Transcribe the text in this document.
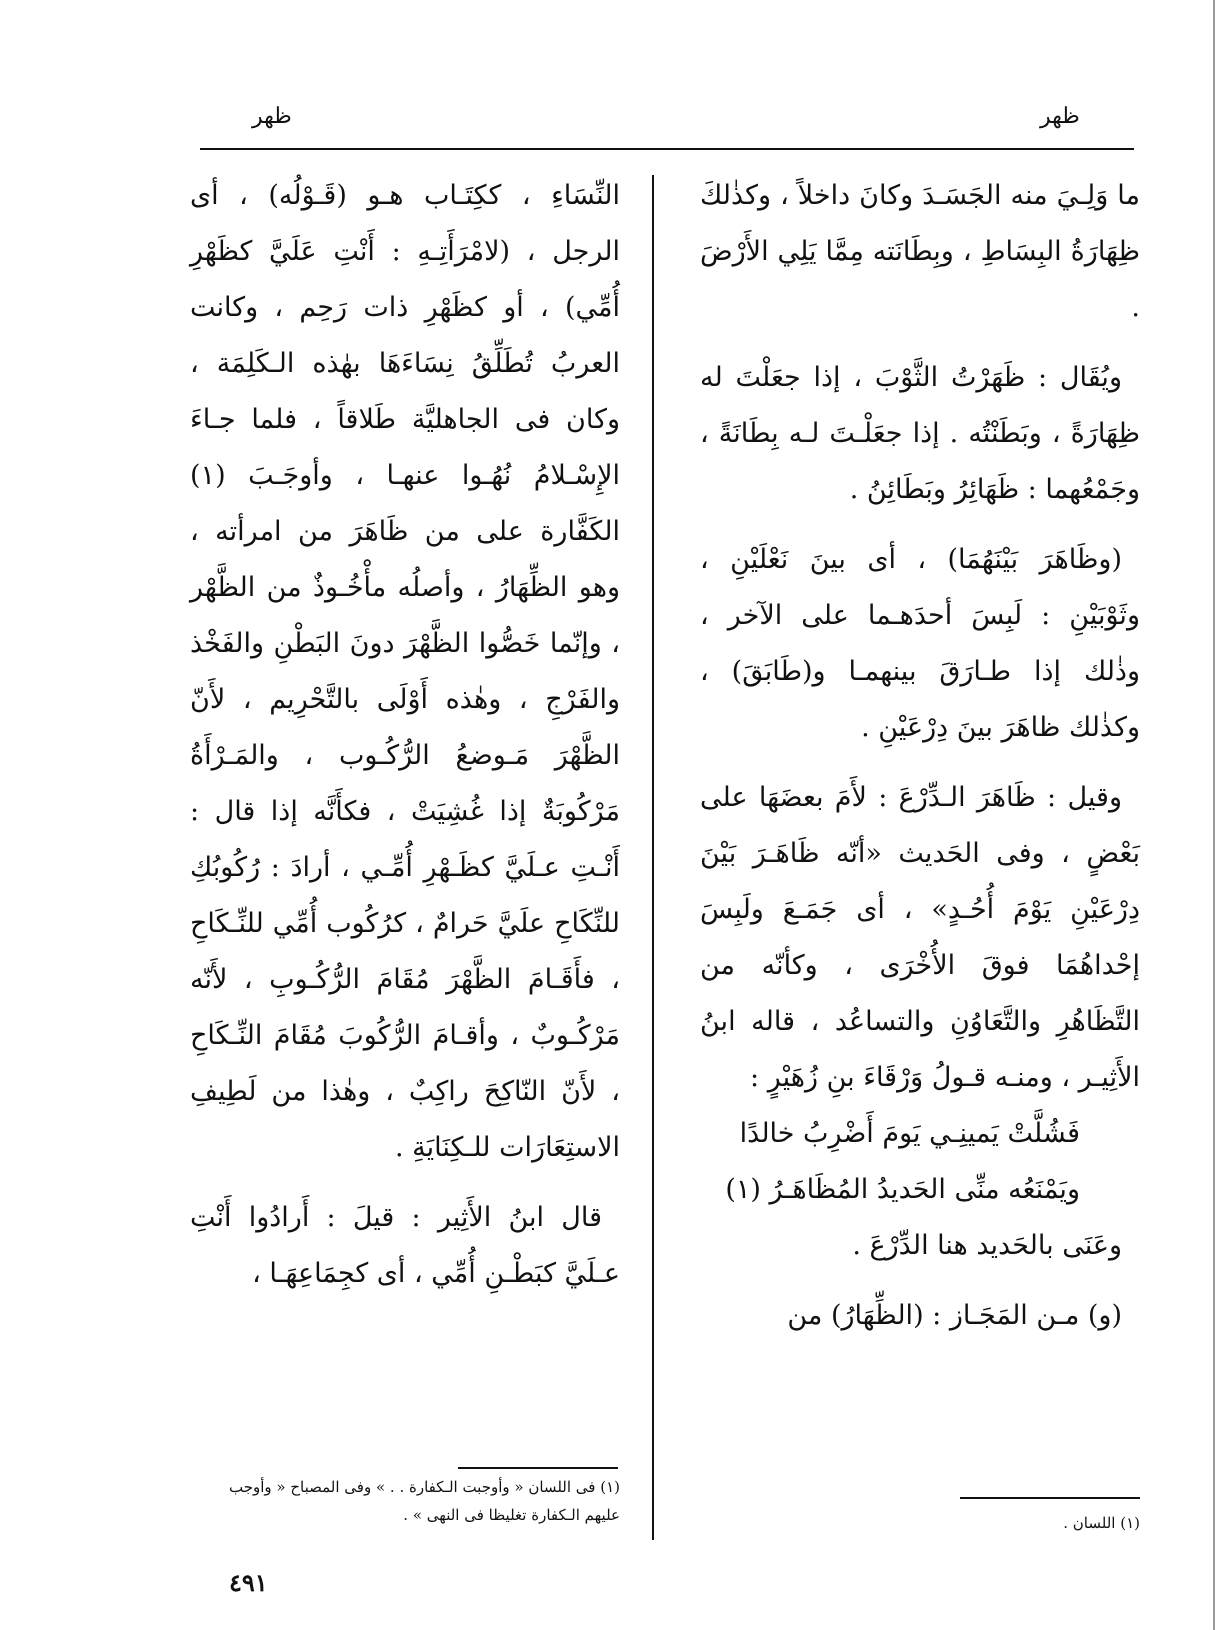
ظهر
ظهر

ما وَلِـيَ منه الجَسَـدَ وكانَ داخلاً ، وكذٰلكَ ظِهَارَةُ البِسَاطِ ، وبِطَانَته مِمَّا يَلِي الأَرْضَ .

ويُقَال : ظَهَرْتُ الثَّوْبَ ، إذا جعَلْتَ له ظِهَارَةً ، وبَطَنْتُه . إذا جعَلْـتَ لـه بِطَانَةً ، وجَمْعُهما : ظَهَائِرُ وبَطَائِنُ .

(وظَاهَرَ بَيْنَهُمَا) ، أى بينَ نَعْلَيْنِ ، وثَوْبَيْنِ : لَبِسَ أحدَهـما على الآخر ، وذٰلك إذا طـارَقَ بينهمـا و(طَابَقَ) ، وكذٰلك ظاهَرَ بينَ دِرْعَيْنِ .

وقيل : ظَاهَرَ الـدِّرْعَ : لأَمَ بعضَهَا على بَعْضٍ ، وفى الحَديث «أنّه ظَاهَـرَ بَيْنَ دِرْعَيْنِ يَوْمَ أُحُـدٍ» ، أى جَمَـعَ ولَبِسَ إحْداهُمَا فوقَ الأُخْرَى ، وكأنّه من التَّظَاهُرِ والتَّعَاوُنِ والتساعُد ، قاله ابنُ الأَثِيـر ، ومنـه قـولُ وَرْقَاءَ بنِ زُهَيْرٍ :

فَشُلَّتْ يَمينِـي يَومَ أَضْرِبُ خالدًا
ويَمْنَعُه منِّى الحَديدُ المُظَاهَـرُ (١)

وعَنَى بالحَديد هنا الدِّرْعَ .

(و) مـن المَجَـاز : (الظِّهَارُ) من

النِّسَاءِ ، ككِتَـاب هـو (قَـوْلُه) ، أى الرجل ، (لامْرَأَتِـهِ : أَنْتِ عَلَيَّ كظَهْرِ أُمِّي) ، أو كظَهْرِ ذات رَحِم ، وكانت العربُ تُطَلِّقُ نِسَاءَهَا بهٰذه الـكَلِمَة ، وكان فى الجاهليَّة طَلاقاً ، فلما جـاءَ الإِسْـلامُ نُهُـوا عنهـا ، وأوجَـبَ (١) الكَفَّارة على من ظَاهَرَ من امرأته ، وهو الظِّهَارُ ، وأصلُه مأْخُـوذٌ من الظَّهْر ، وإنّما خَصُّوا الظَّهْرَ دونَ البَطْنِ والفَخْذ والفَرْجِ ، وهٰذه أَوْلَى بالتَّحْرِيم ، لأَنّ الظَّهْرَ مَـوضعُ الرُّكُـوب ، والمَـرْأَةُ مَرْكُوبَةٌ إذا غُشِيَتْ ، فكأَنَّه إذا قال : أَنْـتِ عـلَيَّ كظَـهْرِ أُمِّـي ، أرادَ : رُكُوبُكِ للنِّكَاحِ علَيَّ حَرامٌ ، كرُكُوب أُمِّي للنِّـكَاحِ ، فأَقَـامَ الظَّهْرَ مُقَامَ الرُّكُـوبِ ، لأَنّه مَرْكُـوبٌ ، وأقـامَ الرُّكُوبَ مُقَامَ النِّـكَاحِ ، لأَنّ النّاكِحَ راكِبٌ ، وهٰذا من لَطِيفِ الاستِعَارَات للـكِنَايَةِ .

قال ابنُ الأَثِير : قيلَ : أَرادُوا أَنْتِ عـلَيَّ كبَطْـنِ أُمِّي ، أى كجِمَاعِهَـا ،

(١) فى اللسان « وأوجبت الـكفارة . . » وفى المصباح « وأوجب عليهم الـكفارة تغليظا فى النهى » .	(١) اللسان .
٤٩١
